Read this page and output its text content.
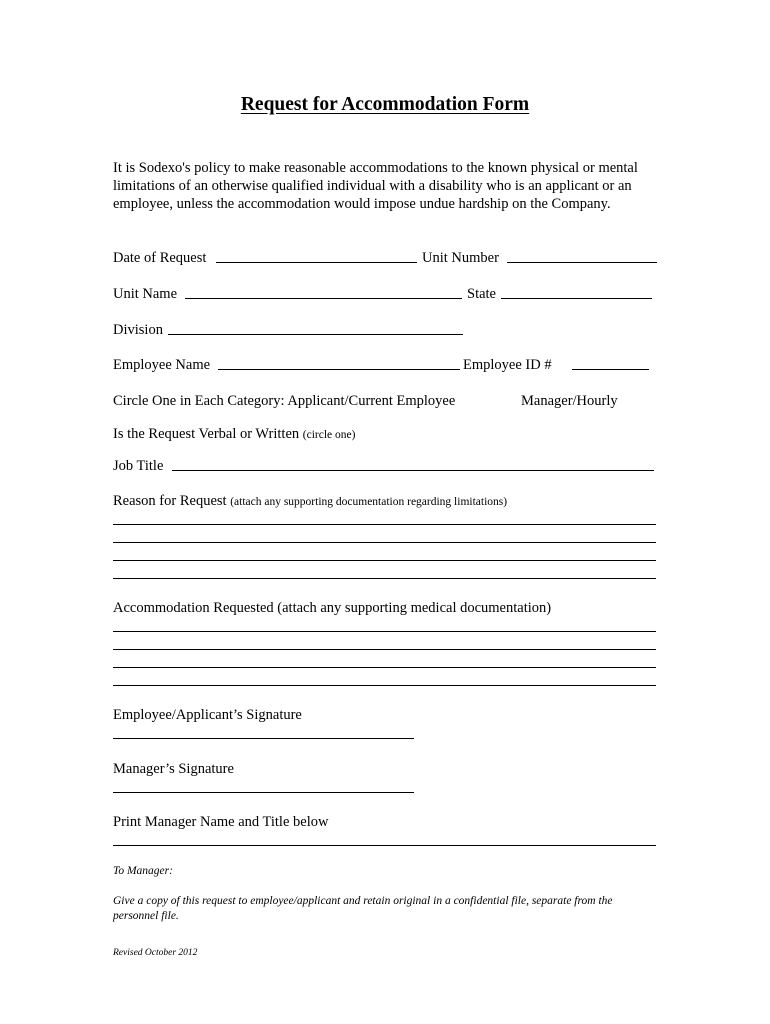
Request for Accommodation Form
It is Sodexo's policy to make reasonable accommodations to the known physical or mental limitations of an otherwise qualified individual with a disability who is an applicant or an employee, unless the accommodation would impose undue hardship on the Company.
Date of Request	Unit Number
Unit Name	State
Division
Employee Name	Employee ID #
Circle One in Each Category: Applicant/Current Employee	Manager/Hourly
Is the Request Verbal or Written (circle one)
Job Title
Reason for Request (attach any supporting documentation regarding limitations)
Accommodation Requested (attach any supporting medical documentation)
Employee/Applicant’s Signature
Manager’s Signature
Print Manager Name and Title below
To Manager:
Give a copy of this request to employee/applicant and retain original in a confidential file, separate from the personnel file.
Revised October 2012
